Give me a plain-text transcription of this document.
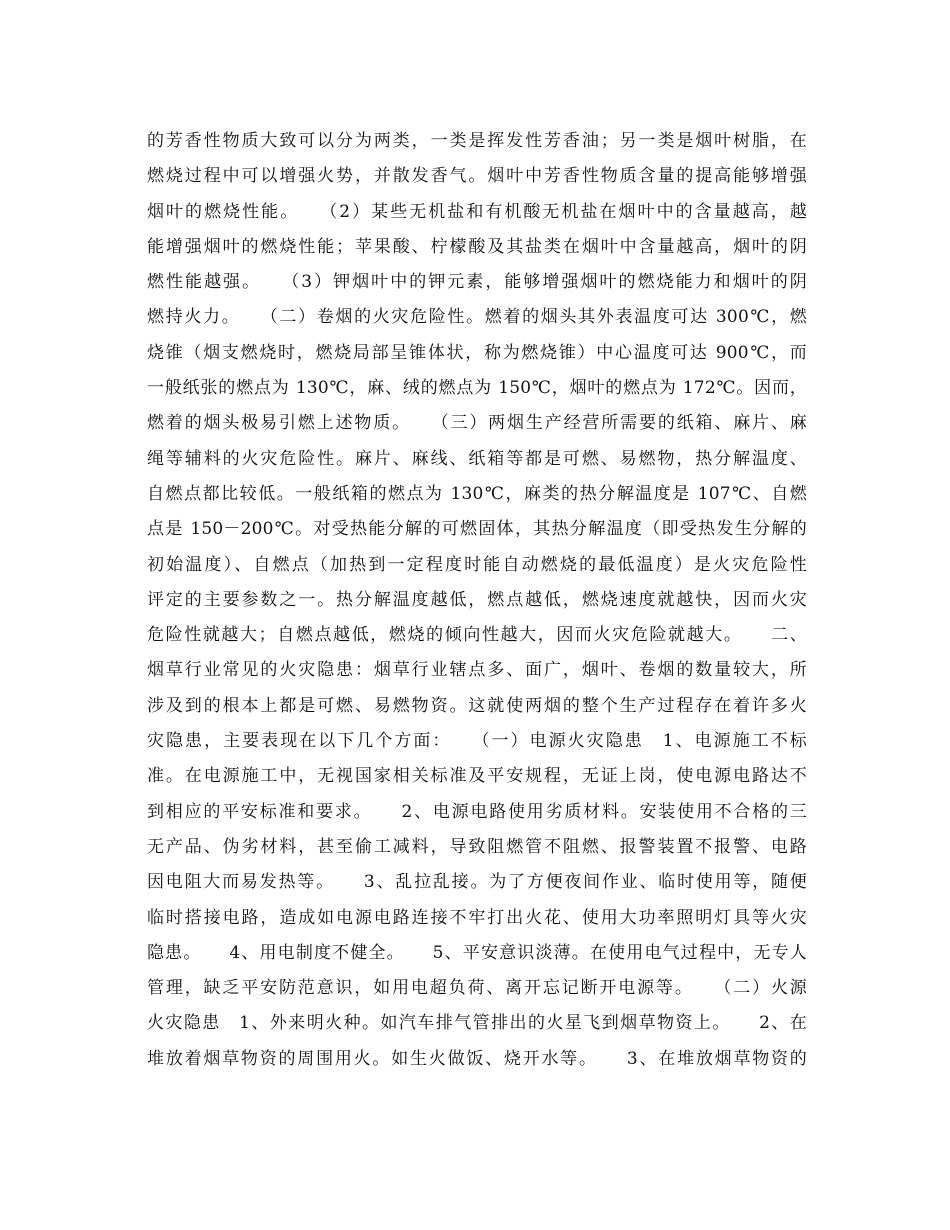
的芳香性物质大致可以分为两类，一类是挥发性芳香油；另一类是烟叶树脂，在
燃烧过程中可以增强火势，并散发香气。烟叶中芳香性物质含量的提高能够增强
烟叶的燃烧性能。　　（2）某些无机盐和有机酸无机盐在烟叶中的含量越高，越
能增强烟叶的燃烧性能；苹果酸、柠檬酸及其盐类在烟叶中含量越高，烟叶的阴
燃性能越强。　　（3）钾烟叶中的钾元素，能够增强烟叶的燃烧能力和烟叶的阴
燃持火力。　　（二）卷烟的火灾危险性。燃着的烟头其外表温度可达 300℃，燃
烧锥（烟支燃烧时，燃烧局部呈锥体状，称为燃烧锥）中心温度可达 900℃，而
一般纸张的燃点为 130℃，麻、绒的燃点为 150℃，烟叶的燃点为 172℃。因而，
燃着的烟头极易引燃上述物质。　　（三）两烟生产经营所需要的纸箱、麻片、麻
绳等辅料的火灾危险性。麻片、麻线、纸箱等都是可燃、易燃物，热分解温度、
自燃点都比较低。一般纸箱的燃点为 130℃，麻类的热分解温度是 107℃、自燃
点是 150－200℃。对受热能分解的可燃固体，其热分解温度（即受热发生分解的
初始温度）、自燃点（加热到一定程度时能自动燃烧的最低温度）是火灾危险性
评定的主要参数之一。热分解温度越低，燃点越低，燃烧速度就越快，因而火灾
危险性就越大；自燃点越低，燃烧的倾向性越大，因而火灾危险就越大。　　二、
烟草行业常见的火灾隐患：烟草行业辖点多、面广，烟叶、卷烟的数量较大，所
涉及到的根本上都是可燃、易燃物资。这就使两烟的整个生产过程存在着许多火
灾隐患，主要表现在以下几个方面：　　（一）电源火灾隐患　1、电源施工不标
准。在电源施工中，无视国家相关标准及平安规程，无证上岗，使电源电路达不
到相应的平安标准和要求。　　2、电源电路使用劣质材料。安装使用不合格的三
无产品、伪劣材料，甚至偷工减料，导致阻燃管不阻燃、报警装置不报警、电路
因电阻大而易发热等。　　3、乱拉乱接。为了方便夜间作业、临时使用等，随便
临时搭接电路，造成如电源电路连接不牢打出火花、使用大功率照明灯具等火灾
隐患。　　4、用电制度不健全。　　5、平安意识淡薄。在使用电气过程中，无专人
管理，缺乏平安防范意识，如用电超负荷、离开忘记断开电源等。　　（二）火源
火灾隐患　1、外来明火种。如汽车排气管排出的火星飞到烟草物资上。　　2、在
堆放着烟草物资的周围用火。如生火做饭、烧开水等。　　3、在堆放烟草物资的
